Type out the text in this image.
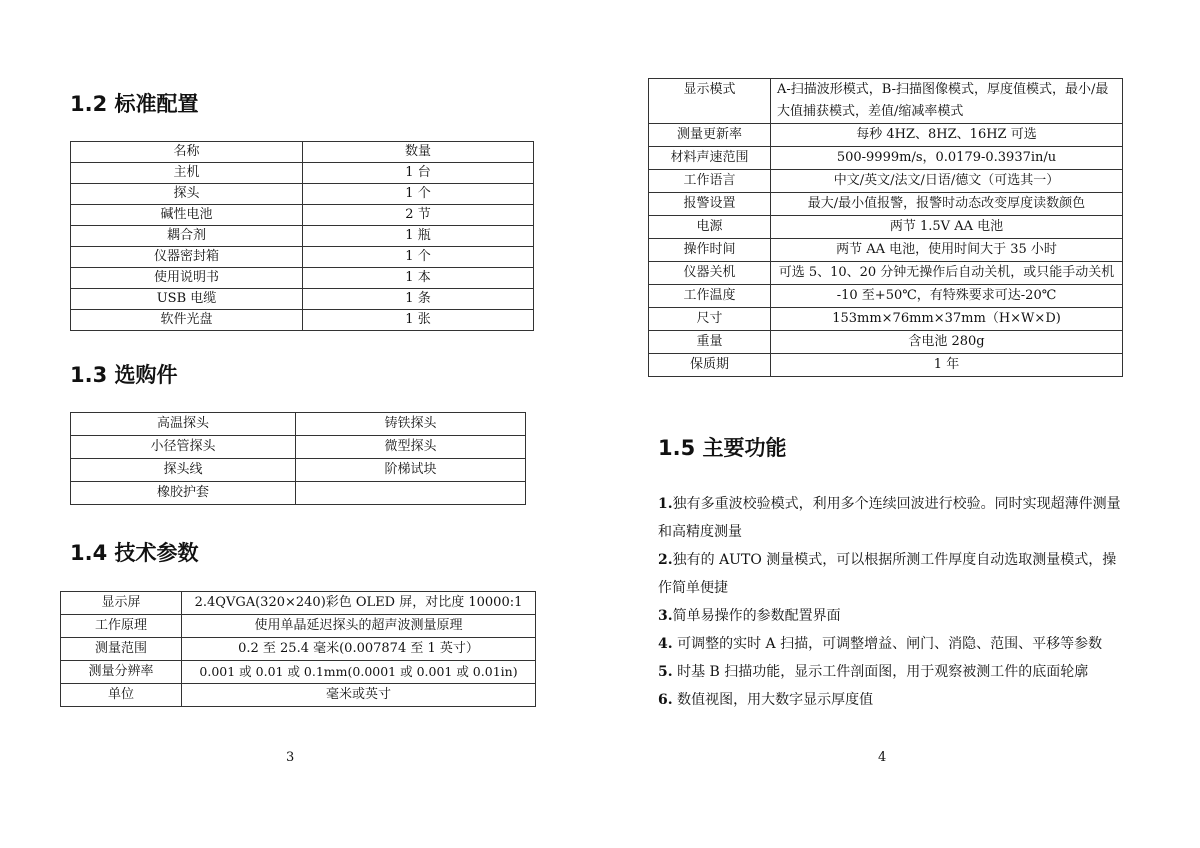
1.2 标准配置
名称	数量
主机	1 台
探头	1 个
碱性电池	2 节
耦合剂	1 瓶
仪器密封箱	1 个
使用说明书	1 本
USB 电缆	1 条
软件光盘	1 张
1.3 选购件
高温探头	铸铁探头
小径管探头	微型探头
探头线	阶梯试块
橡胶护套	
1.4 技术参数
显示屏	2.4QVGA(320×240)彩色 OLED 屏，对比度 10000:1
工作原理	使用单晶延迟探头的超声波测量原理
测量范围	0.2 至 25.4 毫米(0.007874 至 1 英寸）
测量分辨率	0.001 或 0.01 或 0.1mm(0.0001 或 0.001 或 0.01in)
单位	毫米或英寸
3
显示模式	A-扫描波形模式，B-扫描图像模式，厚度值模式，最小/最大值捕获模式，差值/缩减率模式
测量更新率	每秒 4HZ、8HZ、16HZ 可选
材料声速范围	500-9999m/s，0.0179-0.3937in/u
工作语言	中文/英文/法文/日语/德文（可选其一）
报警设置	最大/最小值报警，报警时动态改变厚度读数颜色
电源	两节 1.5V AA 电池
操作时间	两节 AA 电池，使用时间大于 35 小时
仪器关机	可选 5、10、20 分钟无操作后自动关机，或只能手动关机
工作温度	-10 至+50℃，有特殊要求可达-20℃
尺寸	153mm×76mm×37mm（H×W×D)
重量	含电池 280g
保质期	1 年
1.5 主要功能

1.独有多重波校验模式，利用多个连续回波进行校验。同时实现超薄件测量和高精度测量

2.独有的 AUTO 测量模式，可以根据所测工件厚度自动选取测量模式，操作简单便捷

3.简单易操作的参数配置界面

4. 可调整的实时 A 扫描，可调整增益、闸门、消隐、范围、平移等参数

5. 时基 B 扫描功能，显示工件剖面图，用于观察被测工件的底面轮廓

6. 数值视图，用大数字显示厚度值

4
